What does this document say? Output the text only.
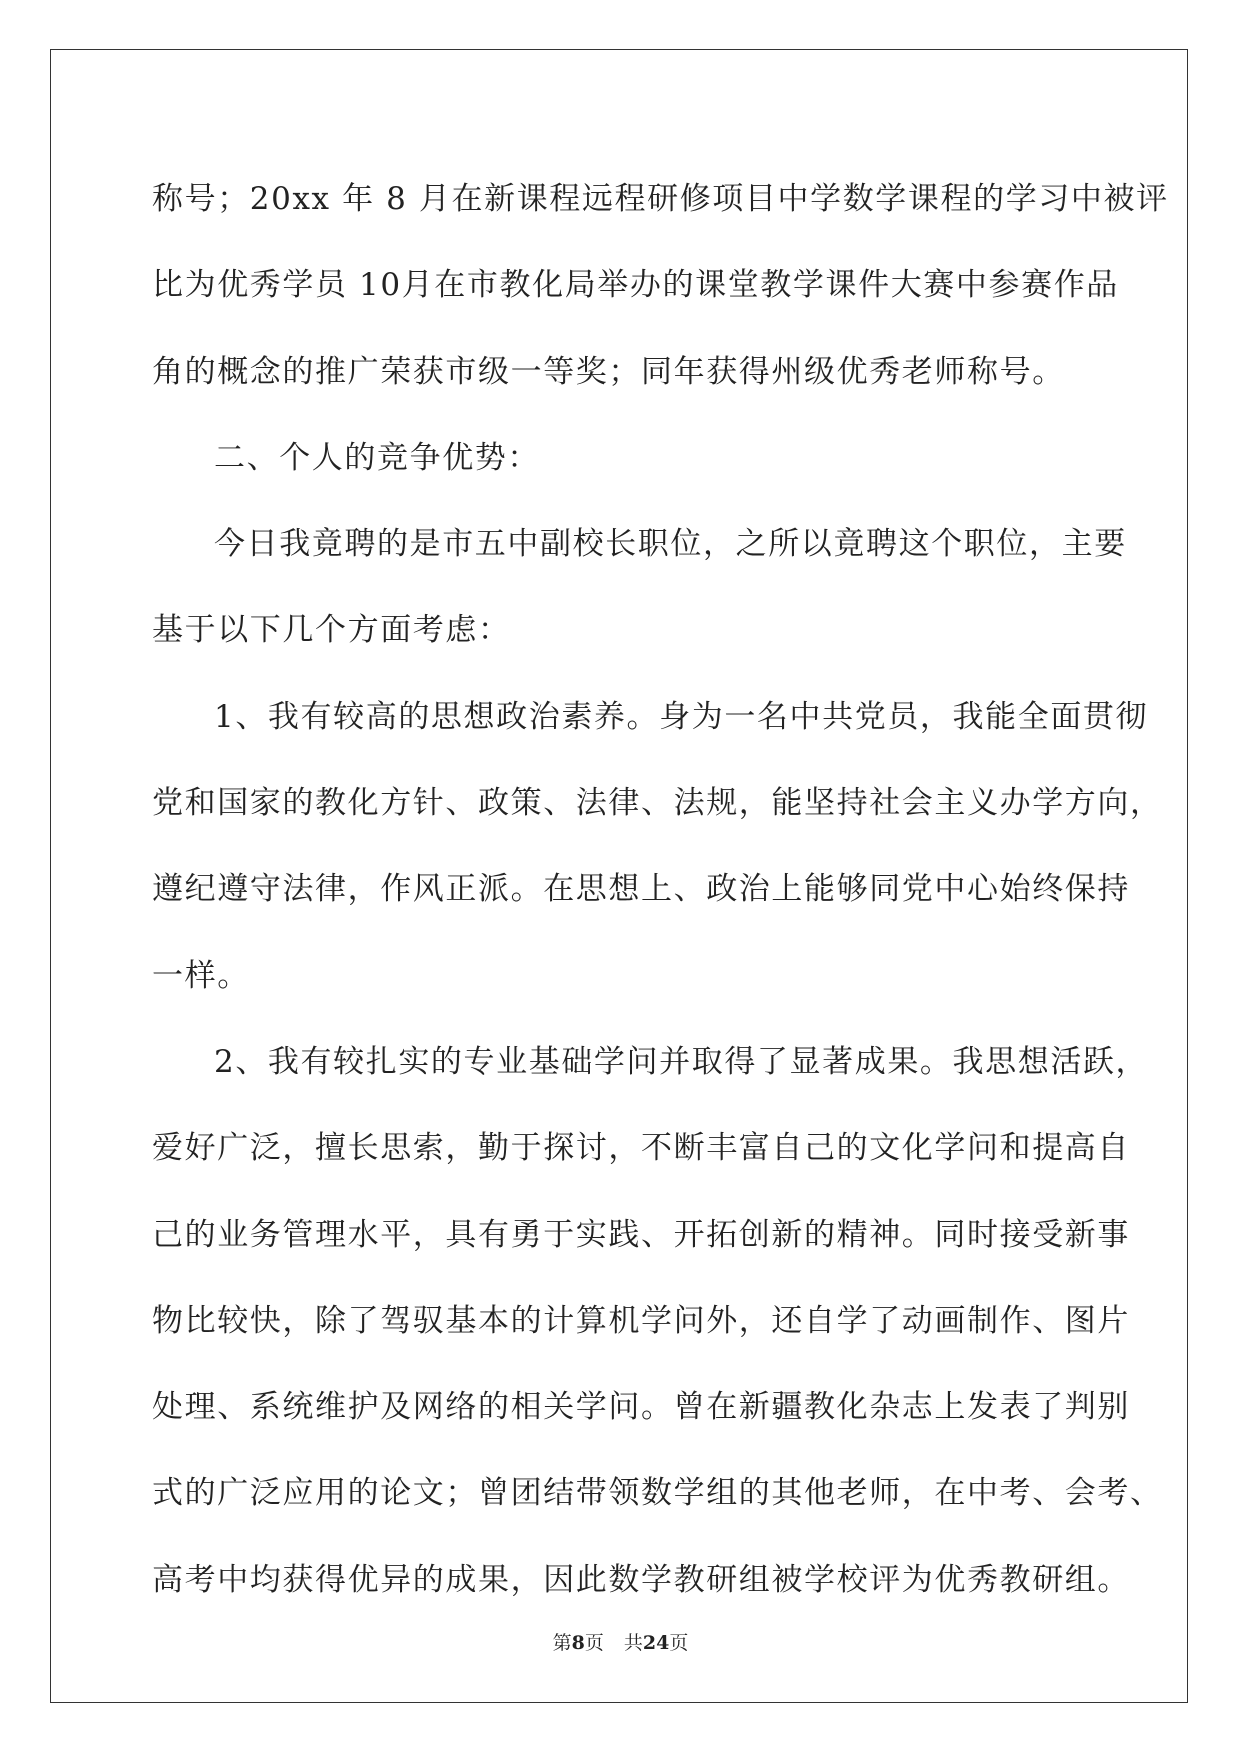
称号；20xx 年 8 月在新课程远程研修项目中学数学课程的学习中被评

比为优秀学员 10月在市教化局举办的课堂教学课件大赛中参赛作品

角的概念的推广荣获市级一等奖；同年获得州级优秀老师称号。

二、个人的竞争优势：

今日我竟聘的是市五中副校长职位，之所以竟聘这个职位，主要

基于以下几个方面考虑：

1、我有较高的思想政治素养。身为一名中共党员，我能全面贯彻

党和国家的教化方针、政策、法律、法规，能坚持社会主义办学方向，

遵纪遵守法律，作风正派。在思想上、政治上能够同党中心始终保持

一样。

2、我有较扎实的专业基础学问并取得了显著成果。我思想活跃，

爱好广泛，擅长思索，勤于探讨，不断丰富自己的文化学问和提高自

己的业务管理水平，具有勇于实践、开拓创新的精神。同时接受新事

物比较快，除了驾驭基本的计算机学问外，还自学了动画制作、图片

处理、系统维护及网络的相关学问。曾在新疆教化杂志上发表了判别

式的广泛应用的论文；曾团结带领数学组的其他老师，在中考、会考、

高考中均获得优异的成果，因此数学教研组被学校评为优秀教研组。

第8页 共24页
